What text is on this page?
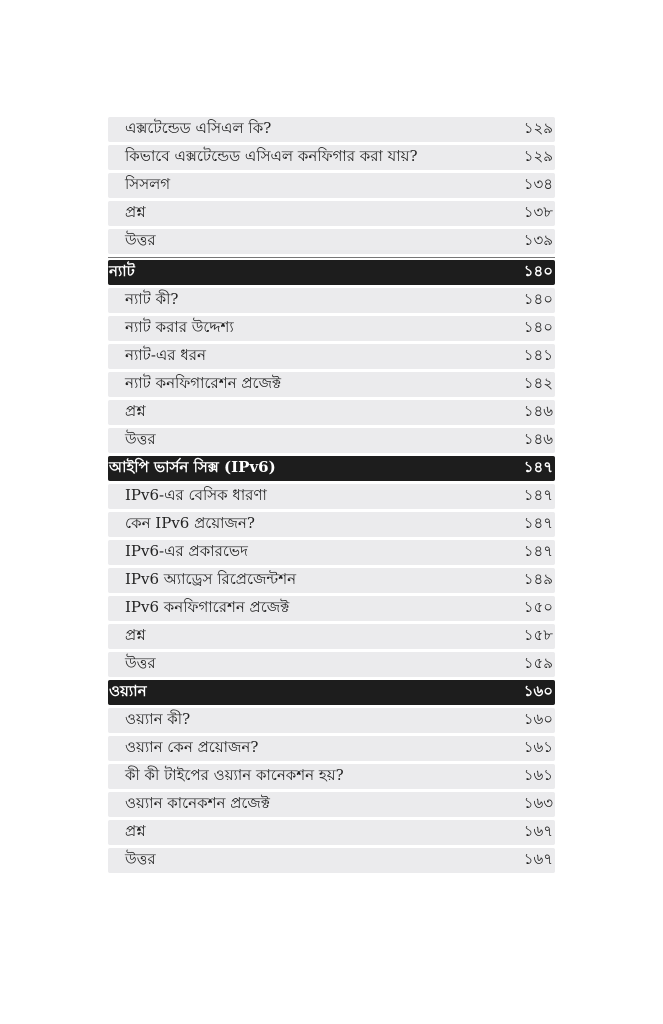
এক্সটেন্ডেড এসিএল কি?	১২৯
কিভাবে এক্সটেন্ডেড এসিএল কনফিগার করা যায়?	১২৯
সিসলগ	১৩৪
প্রশ্ন	১৩৮
উত্তর	১৩৯
ন্যাট	১৪০
ন্যাট কী?	১৪০
ন্যাট করার উদ্দেশ্য	১৪০
ন্যাট-এর ধরন	১৪১
ন্যাট কনফিগারেশন প্রজেক্ট	১৪২
প্রশ্ন	১৪৬
উত্তর	১৪৬
আইপি ভার্সন সিক্স (IPv6)	১৪৭
IPv6-এর বেসিক ধারণা	১৪৭
কেন IPv6 প্রয়োজন?	১৪৭
IPv6-এর প্রকারভেদ	১৪৭
IPv6 অ্যাড্রেস রিপ্রেজেন্টশন	১৪৯
IPv6 কনফিগারেশন প্রজেক্ট	১৫০
প্রশ্ন	১৫৮
উত্তর	১৫৯
ওয়্যান	১৬০
ওয়্যান কী?	১৬০
ওয়্যান কেন প্রয়োজন?	১৬১
কী কী টাইপের ওয়্যান কানেকশন হয়?	১৬১
ওয়্যান কানেকশন প্রজেক্ট	১৬৩
প্রশ্ন	১৬৭
উত্তর	১৬৭
